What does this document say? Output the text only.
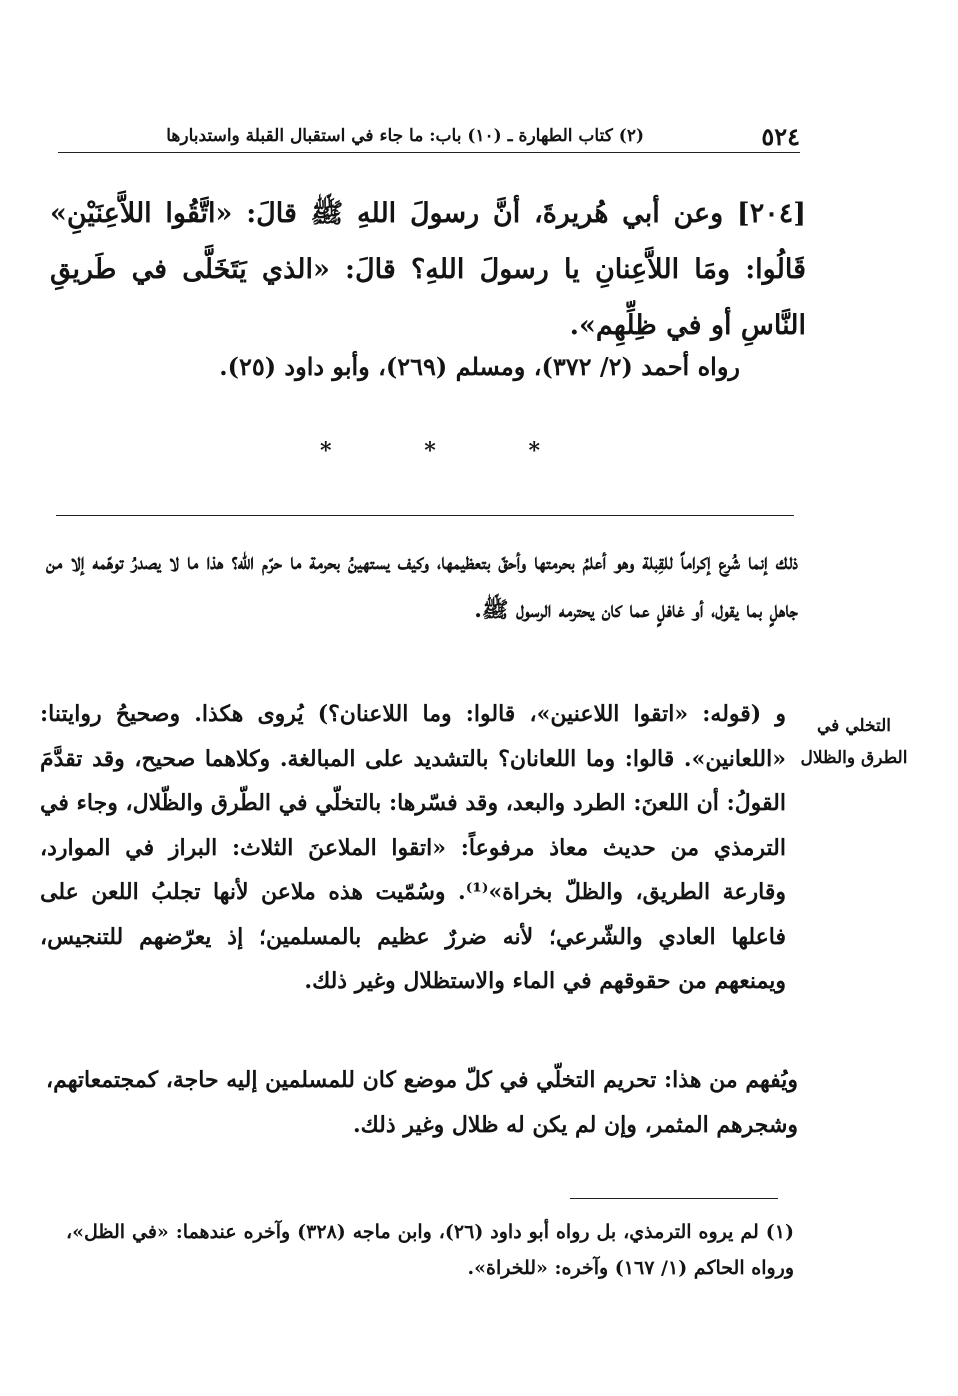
٥٢٤
(٢) كتاب الطهارة ـ (١٠) باب: ما جاء في استقبال القبلة واستدبارها
[٢٠٤] وعن أبي هُريرةَ، أنَّ رسولَ اللهِ ﷺ قالَ: «اتَّقُوا اللاَّعِنَيْنِ» قَالُوا: ومَا اللاَّعِنانِ يا رسولَ اللهِ؟ قالَ: «الذي يَتَخَلَّى في طَريقِ النَّاسِ أو في ظِلِّهِم».
رواه أحمد (٢/ ٣٧٢)، ومسلم (٢٦٩)، وأبو داود (٢٥).
*	*	*
ذلك إنما شُرع إكراماً للقِبلة وهو أعلمُ بحرمتها وأحقّ بتعظيمها، وكيف يستهينُ بحرمة ما حرّم الله؟ هذا ما لا يصدرُ توهّمه إلا من جاهلٍ بما يقول، أو غافلٍ عما كان يحترمه الرسول ﷺ.
التخلي في الطرق والظلال
و (قوله: «اتقوا اللاعنين»، قالوا: وما اللاعنان؟) يُروى هكذا. وصحيحُ روايتنا: «اللعانين». قالوا: وما اللعانان؟ بالتشديد على المبالغة. وكلاهما صحيح، وقد تقدَّمَ القولُ: أن اللعنَ: الطرد والبعد، وقد فسّرها: بالتخلّي في الطّرق والظّلال، وجاء في الترمذي من حديث معاذ مرفوعاً: «اتقوا الملاعنَ الثلاث: البراز في الموارد، وقارعة الطريق، والظلّ بخراة»⁽¹⁾. وسُمّيت هذه ملاعن لأنها تجلبُ اللعن على فاعلها العادي والشّرعي؛ لأنه ضررٌ عظيم بالمسلمين؛ إذ يعرّضهم للتنجيس، ويمنعهم من حقوقهم في الماء والاستظلال وغير ذلك.
ويُفهم من هذا: تحريم التخلّي في كلّ موضع كان للمسلمين إليه حاجة، كمجتمعاتهم، وشجرهم المثمر، وإن لم يكن له ظلال وغير ذلك.
(١) لم يروه الترمذي، بل رواه أبو داود (٢٦)، وابن ماجه (٣٢٨) وآخره عندهما: «في الظل»، ورواه الحاكم (١/ ١٦٧) وآخره: «للخراة».
